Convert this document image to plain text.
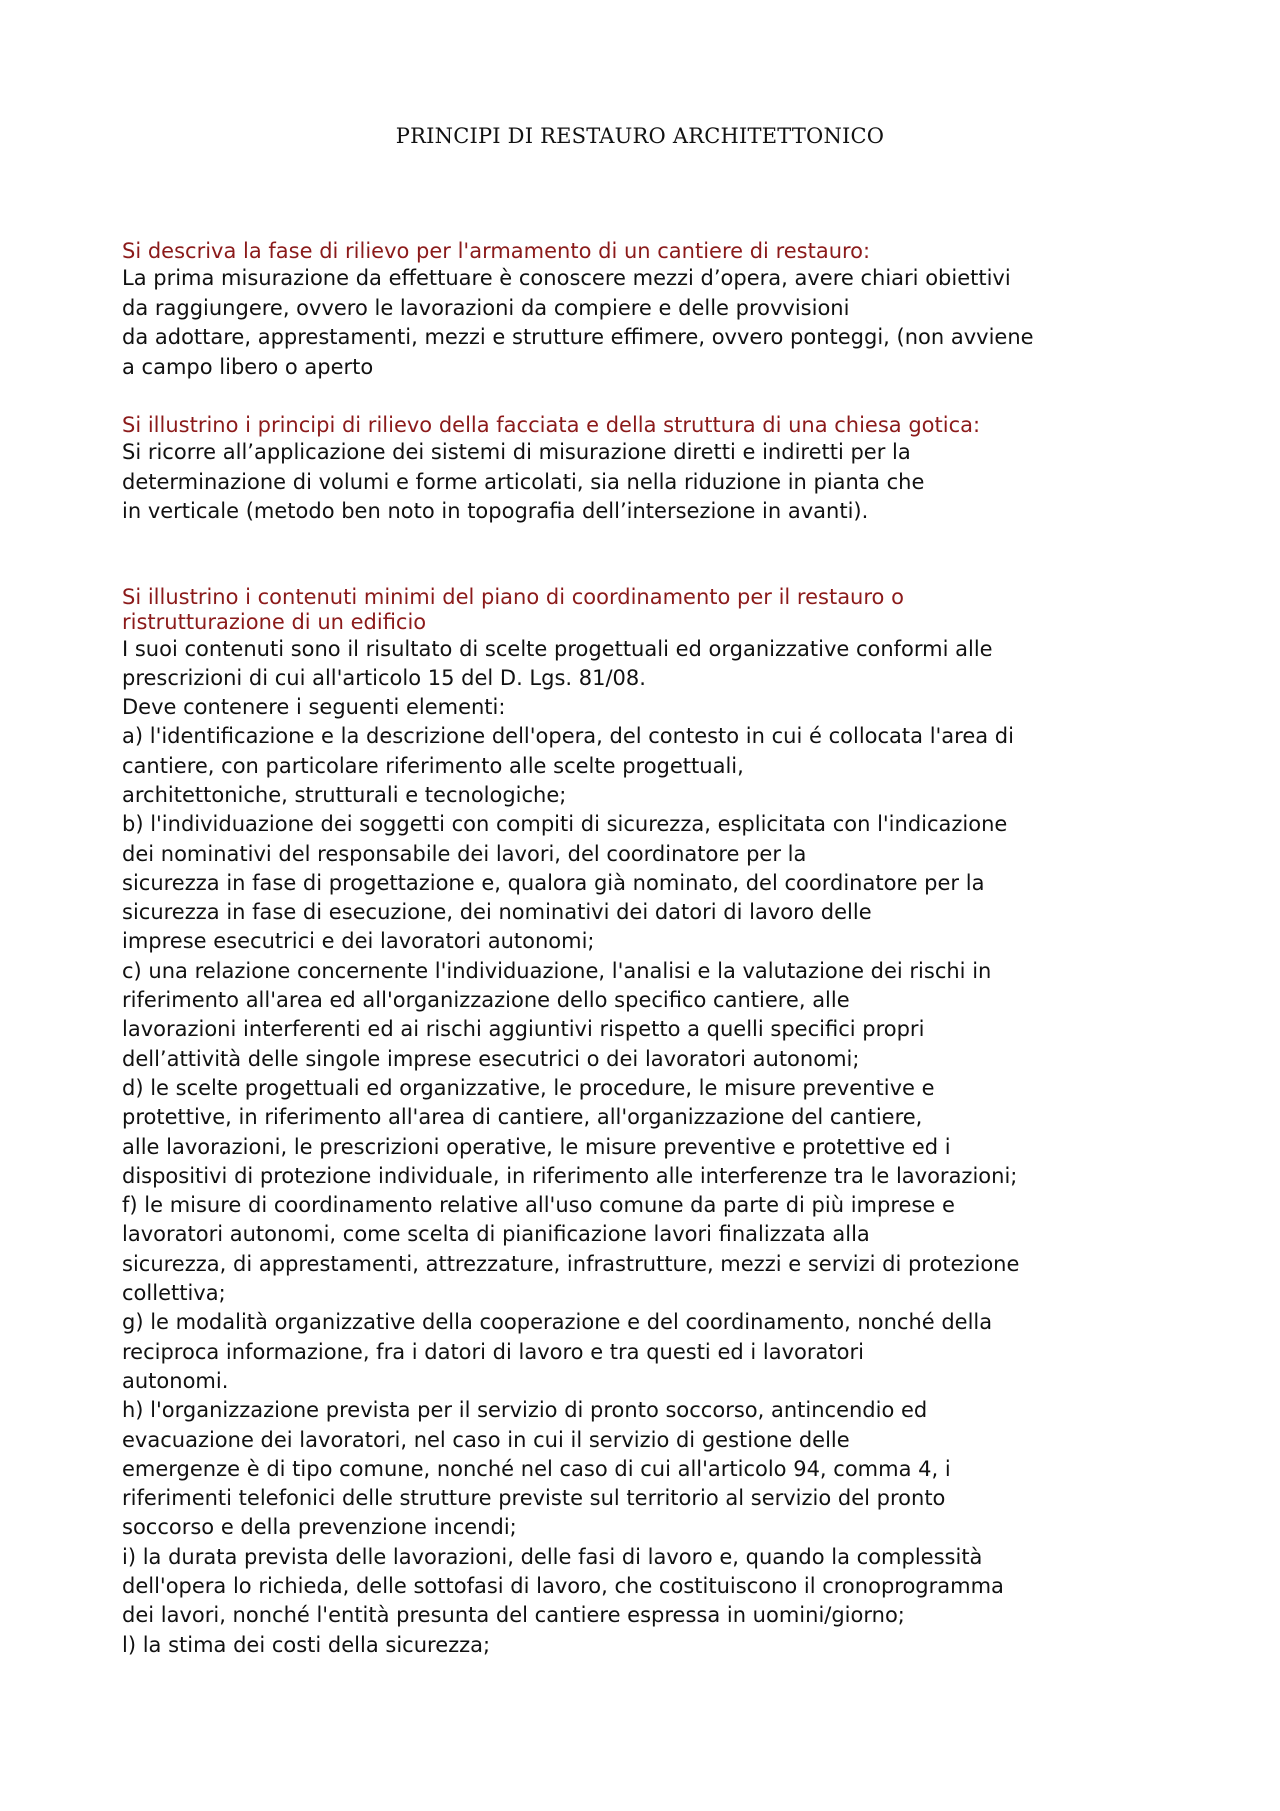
PRINCIPI DI RESTAURO ARCHITETTONICO

Si descriva la fase di rilievo per l'armamento di un cantiere di restauro:

La prima misurazione da effettuare è conoscere mezzi d’opera, avere chiari obiettivi
da raggiungere, ovvero le lavorazioni da compiere e delle provvisioni
da adottare, apprestamenti, mezzi e strutture effimere, ovvero ponteggi, (non avviene
a campo libero o aperto

Si illustrino i principi di rilievo della facciata e della struttura di una chiesa gotica:

Si ricorre all’applicazione dei sistemi di misurazione diretti e indiretti per la
determinazione di volumi e forme articolati, sia nella riduzione in pianta che
in verticale (metodo ben noto in topografia dell’intersezione in avanti).

Si illustrino i contenuti minimi del piano di coordinamento per il restauro o
ristrutturazione di un edificio

I suoi contenuti sono il risultato di scelte progettuali ed organizzative conformi alle
prescrizioni di cui all'articolo 15 del D. Lgs. 81/08.
Deve contenere i seguenti elementi:
a) l'identificazione e la descrizione dell'opera, del contesto in cui é collocata l'area di
cantiere, con particolare riferimento alle scelte progettuali,
architettoniche, strutturali e tecnologiche;
b) l'individuazione dei soggetti con compiti di sicurezza, esplicitata con l'indicazione
dei nominativi del responsabile dei lavori, del coordinatore per la
sicurezza in fase di progettazione e, qualora già nominato, del coordinatore per la
sicurezza in fase di esecuzione, dei nominativi dei datori di lavoro delle
imprese esecutrici e dei lavoratori autonomi;
c) una relazione concernente l'individuazione, l'analisi e la valutazione dei rischi in
riferimento all'area ed all'organizzazione dello specifico cantiere, alle
lavorazioni interferenti ed ai rischi aggiuntivi rispetto a quelli specifici propri
dell’attività delle singole imprese esecutrici o dei lavoratori autonomi;
d) le scelte progettuali ed organizzative, le procedure, le misure preventive e
protettive, in riferimento all'area di cantiere, all'organizzazione del cantiere,
alle lavorazioni, le prescrizioni operative, le misure preventive e protettive ed i
dispositivi di protezione individuale, in riferimento alle interferenze tra le lavorazioni;
f) le misure di coordinamento relative all'uso comune da parte di più imprese e
lavoratori autonomi, come scelta di pianificazione lavori finalizzata alla
sicurezza, di apprestamenti, attrezzature, infrastrutture, mezzi e servizi di protezione
collettiva;
g) le modalità organizzative della cooperazione e del coordinamento, nonché della
reciproca informazione, fra i datori di lavoro e tra questi ed i lavoratori
autonomi.
h) l'organizzazione prevista per il servizio di pronto soccorso, antincendio ed
evacuazione dei lavoratori, nel caso in cui il servizio di gestione delle
emergenze è di tipo comune, nonché nel caso di cui all'articolo 94, comma 4, i
riferimenti telefonici delle strutture previste sul territorio al servizio del pronto
soccorso e della prevenzione incendi;
i) la durata prevista delle lavorazioni, delle fasi di lavoro e, quando la complessità
dell'opera lo richieda, delle sottofasi di lavoro, che costituiscono il cronoprogramma
dei lavori, nonché l'entità presunta del cantiere espressa in uomini/giorno;
l) la stima dei costi della sicurezza;
